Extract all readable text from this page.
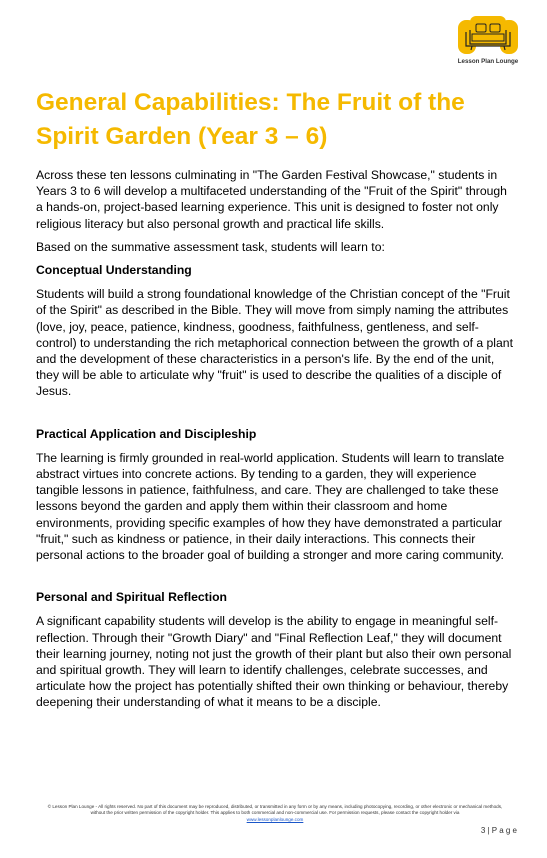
Lesson Plan Lounge
General Capabilities: The Fruit of the Spirit Garden (Year 3 – 6)

Across these ten lessons culminating in "The Garden Festival Showcase," students in Years 3 to 6 will develop a multifaceted understanding of the "Fruit of the Spirit" through a hands-on, project-based learning experience. This unit is designed to foster not only religious literacy but also personal growth and practical life skills.

Based on the summative assessment task, students will learn to:

Conceptual Understanding

Students will build a strong foundational knowledge of the Christian concept of the "Fruit of the Spirit" as described in the Bible. They will move from simply naming the attributes (love, joy, peace, patience, kindness, goodness, faithfulness, gentleness, and self-control) to understanding the rich metaphorical connection between the growth of a plant and the development of these characteristics in a person's life. By the end of the unit, they will be able to articulate why "fruit" is used to describe the qualities of a disciple of Jesus.

Practical Application and Discipleship

The learning is firmly grounded in real-world application. Students will learn to translate abstract virtues into concrete actions. By tending to a garden, they will experience tangible lessons in patience, faithfulness, and care. They are challenged to take these lessons beyond the garden and apply them within their classroom and home environments, providing specific examples of how they have demonstrated a particular "fruit," such as kindness or patience, in their daily interactions. This connects their personal actions to the broader goal of building a stronger and more caring community.

Personal and Spiritual Reflection

A significant capability students will develop is the ability to engage in meaningful self-reflection. Through their "Growth Diary" and "Final Reflection Leaf," they will document their learning journey, noting not just the growth of their plant but also their own personal and spiritual growth. They will learn to identify challenges, celebrate successes, and articulate how the project has potentially shifted their own thinking or behaviour, thereby deepening their understanding of what it means to be a disciple.

© Lesson Plan Lounge - All rights reserved. No part of this document may be reproduced, distributed, or transmitted in any form or by any means, including photocopying, recording, or other electronic or mechanical methods, without the prior written permission of the copyright holder. This applies to both commercial and non-commercial use. For permission requests, please contact the copyright holder via
www.lessonplanlounge.com
3 | P a g e
